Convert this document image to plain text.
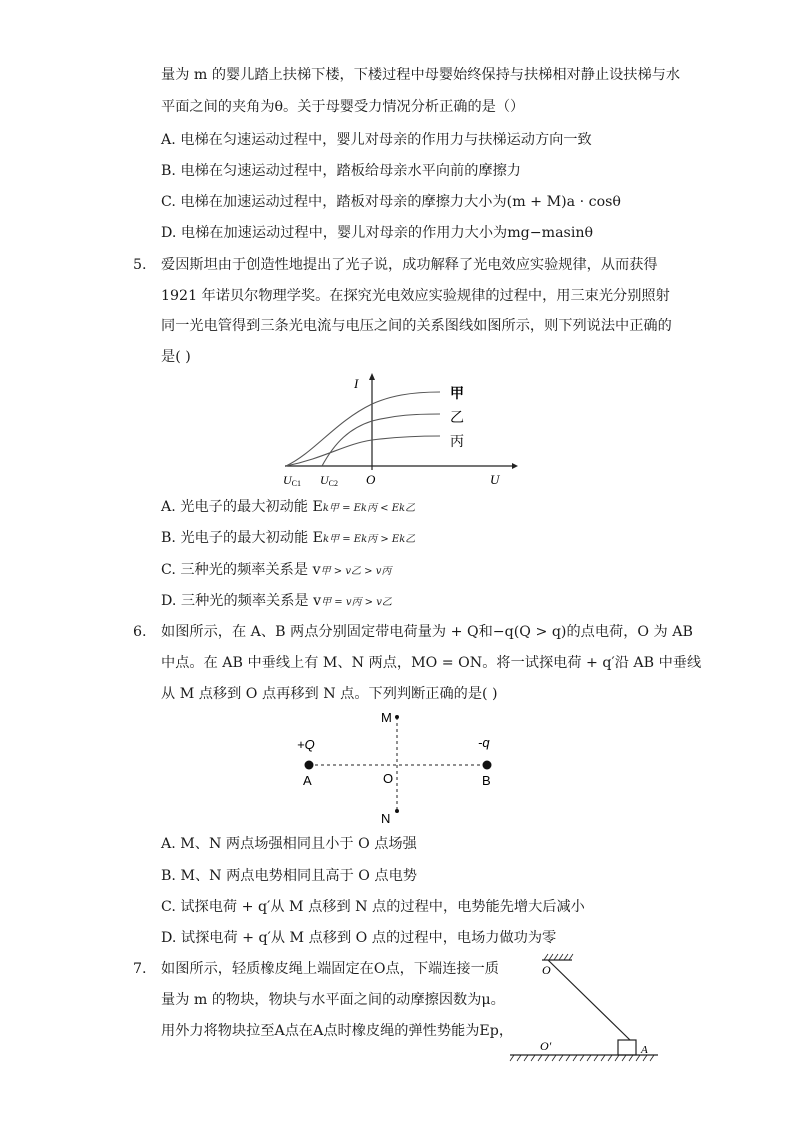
量为 m 的婴儿踏上扶梯下楼，下楼过程中母婴始终保持与扶梯相对静止设扶梯与水
平面之间的夹角为θ。关于母婴受力情况分析正确的是（）
A. 电梯在匀速运动过程中，婴儿对母亲的作用力与扶梯运动方向一致
B. 电梯在匀速运动过程中，踏板给母亲水平向前的摩擦力
C. 电梯在加速运动过程中，踏板对母亲的摩擦力大小为(m + M)a · cosθ
D. 电梯在加速运动过程中，婴儿对母亲的作用力大小为mg−masinθ
5. 爱因斯坦由于创造性地提出了光子说，成功解释了光电效应实验规律，从而获得
1921 年诺贝尔物理学奖。在探究光电效应实验规律的过程中，用三束光分别照射
同一光电管得到三条光电流与电压之间的关系图线如图所示，则下列说法中正确的
是( )
I
U
O
UC1 UC2
甲
乙
丙
A. 光电子的最大初动能 Ek甲 = Ek丙 < Ek乙
B. 光电子的最大初动能 Ek甲 = Ek丙 > Ek乙
C. 三种光的频率关系是 v甲 > v乙 > v丙
D. 三种光的频率关系是 v甲 = v丙 > v乙
6. 如图所示，在 A、B 两点分别固定带电荷量为 + Q和−q(Q > q)的点电荷，O 为 AB
中点。在 AB 中垂线上有 M、N 两点，MO = ON。将一试探电荷 + q′沿 AB 中垂线
从 M 点移到 O 点再移到 N 点。下列判断正确的是( )
M
N
A	B
O
+Q	-q
A. M、N 两点场强相同且小于 O 点场强
B. M、N 两点电势相同且高于 O 点电势
C. 试探电荷 + q′从 M 点移到 N 点的过程中，电势能先增大后减小
D. 试探电荷 + q′从 M 点移到 O 点的过程中，电场力做功为零
7. 如图所示，轻质橡皮绳上端固定在O点，下端连接一质
量为 m 的物块，物块与水平面之间的动摩擦因数为μ。
用外力将物块拉至A点在A点时橡皮绳的弹性势能为Ep，
O
O′	A
